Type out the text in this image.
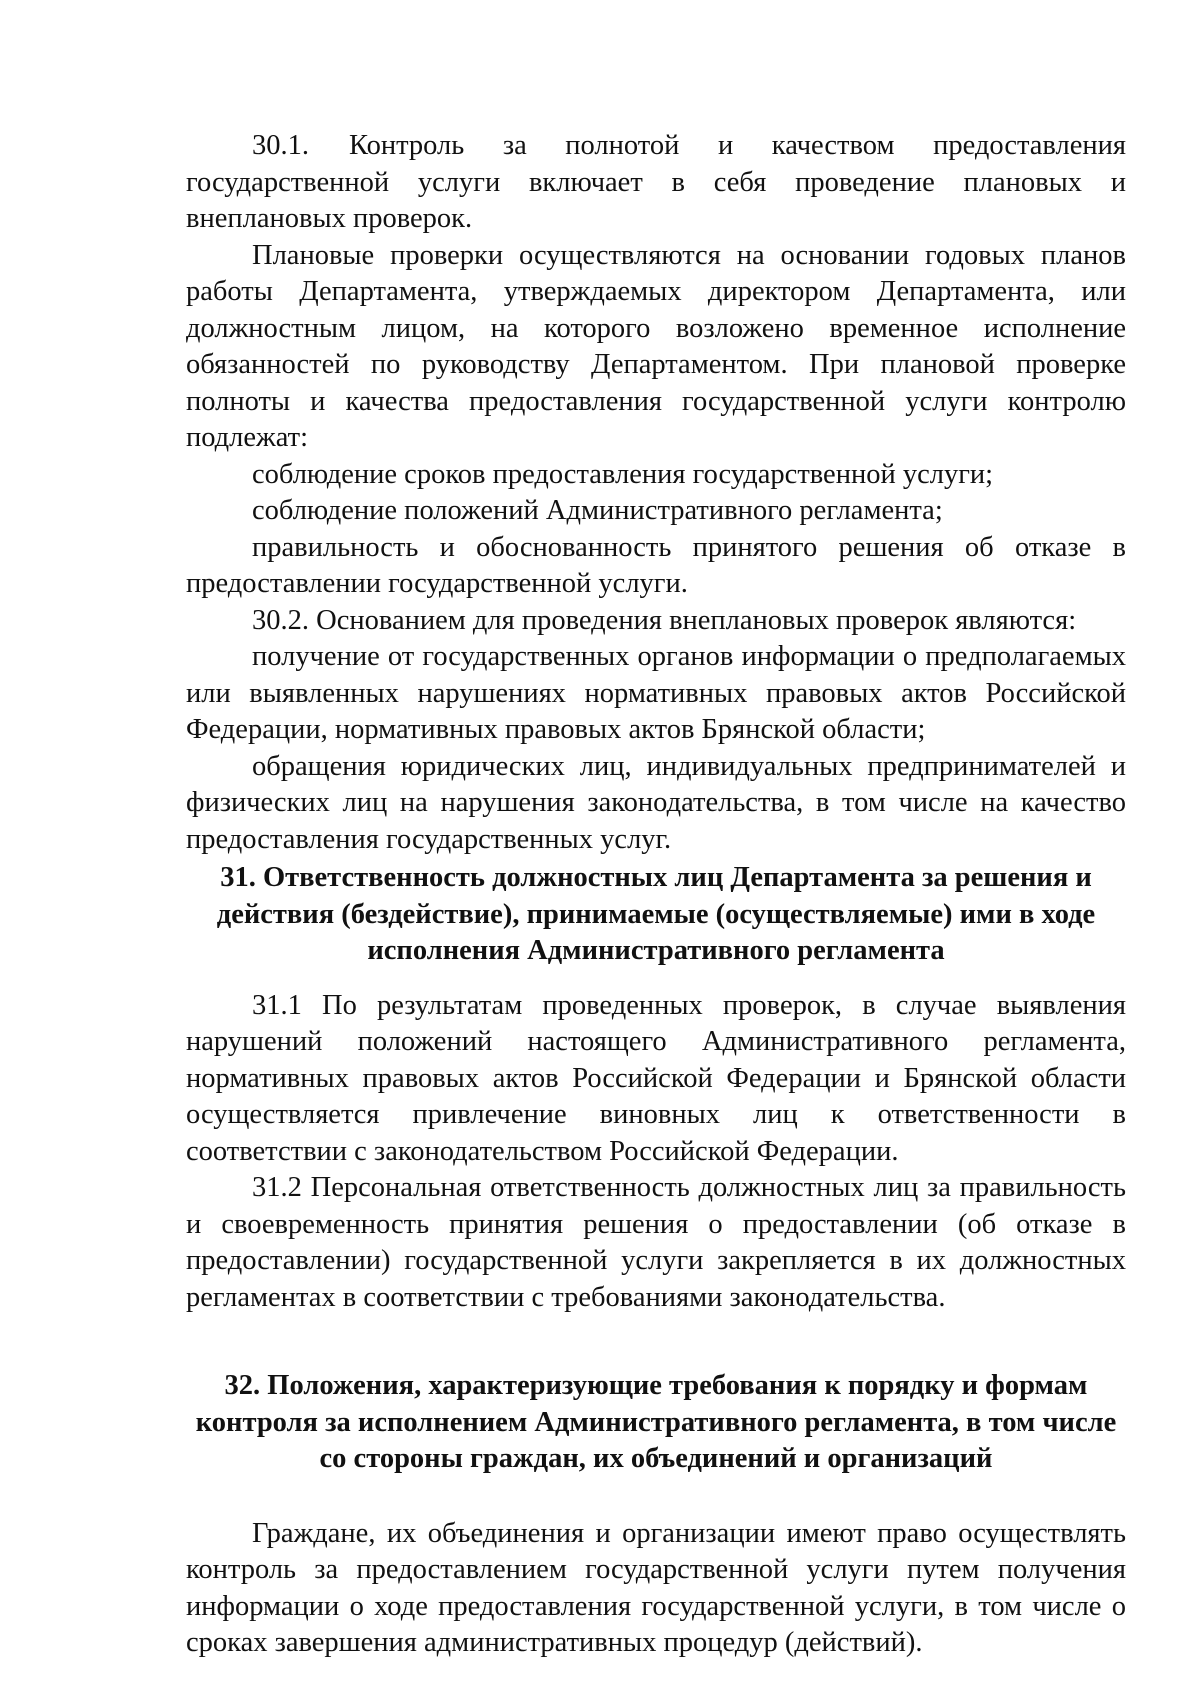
30.1. Контроль за полнотой и качеством предоставления государственной услуги включает в себя проведение плановых и внеплановых проверок.

Плановые проверки осуществляются на основании годовых планов работы Департамента, утверждаемых директором Департамента, или должностным лицом, на которого возложено временное исполнение обязанностей по руководству Департаментом. При плановой проверке полноты и качества предоставления государственной услуги контролю подлежат:

соблюдение сроков предоставления государственной услуги;

соблюдение положений Административного регламента;

правильность и обоснованность принятого решения об отказе в предоставлении государственной услуги.

30.2. Основанием для проведения внеплановых проверок являются:

получение от государственных органов информации о предполагаемых или выявленных нарушениях нормативных правовых актов Российской Федерации, нормативных правовых актов Брянской области;

обращения юридических лиц, индивидуальных предпринимателей и физических лиц на нарушения законодательства, в том числе на качество предоставления государственных услуг.

31. Ответственность должностных лиц Департамента за решения и действия (бездействие), принимаемые (осуществляемые) ими в ходе исполнения Административного регламента

31.1 По результатам проведенных проверок, в случае выявления нарушений положений настоящего Административного регламента, нормативных правовых актов Российской Федерации и Брянской области осуществляется привлечение виновных лиц к ответственности в соответствии с законодательством Российской Федерации.

31.2 Персональная ответственность должностных лиц за правильность и своевременность принятия решения о предоставлении (об отказе в предоставлении) государственной услуги закрепляется в их должностных регламентах в соответствии с требованиями законодательства.

32. Положения, характеризующие требования к порядку и формам контроля за исполнением Административного регламента, в том числе со стороны граждан, их объединений и организаций

Граждане, их объединения и организации имеют право осуществлять контроль за предоставлением государственной услуги путем получения информации о ходе предоставления государственной услуги, в том числе о сроках завершения административных процедур (действий).
